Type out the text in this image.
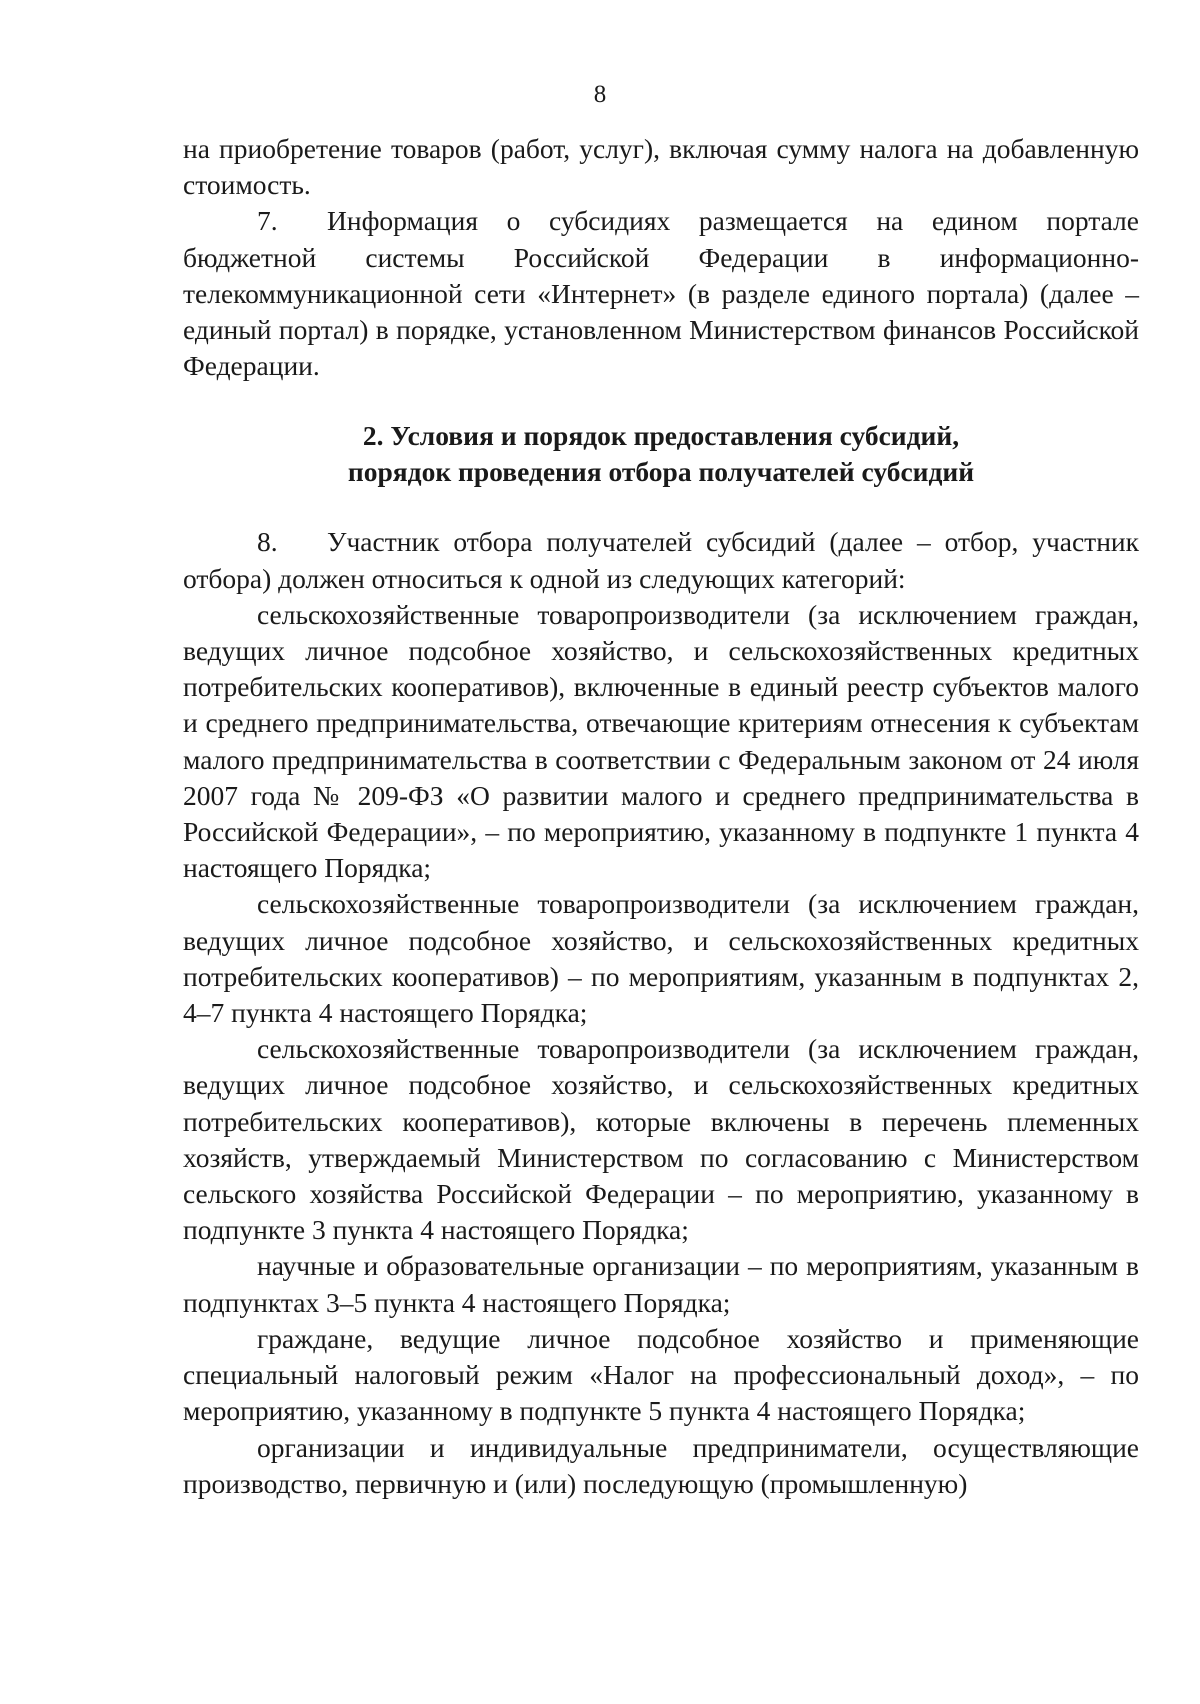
8

на приобретение товаров (работ, услуг), включая сумму налога на добавленную стоимость.

7. Информация о субсидиях размещается на едином портале бюджетной системы Российской Федерации в информационно-телекоммуникационной сети «Интернет» (в разделе единого портала) (далее – единый портал) в порядке, установленном Министерством финансов Российской Федерации.

2. Условия и порядок предоставления субсидий,
порядок проведения отбора получателей субсидий

8. Участник отбора получателей субсидий (далее – отбор, участник отбора) должен относиться к одной из следующих категорий:

сельскохозяйственные товаропроизводители (за исключением граждан, ведущих личное подсобное хозяйство, и сельскохозяйственных кредитных потребительских кооперативов), включенные в единый реестр субъектов малого и среднего предпринимательства, отвечающие критериям отнесения к субъектам малого предпринимательства в соответствии с Федеральным законом от 24 июля 2007 года № 209-ФЗ «О развитии малого и среднего предпринимательства в Российской Федерации», – по мероприятию, указанному в подпункте 1 пункта 4 настоящего Порядка;

сельскохозяйственные товаропроизводители (за исключением граждан, ведущих личное подсобное хозяйство, и сельскохозяйственных кредитных потребительских кооперативов) – по мероприятиям, указанным в подпунктах 2, 4–7 пункта 4 настоящего Порядка;

сельскохозяйственные товаропроизводители (за исключением граждан, ведущих личное подсобное хозяйство, и сельскохозяйственных кредитных потребительских кооперативов), которые включены в перечень племенных хозяйств, утверждаемый Министерством по согласованию с Министерством сельского хозяйства Российской Федерации – по мероприятию, указанному в подпункте 3 пункта 4 настоящего Порядка;

научные и образовательные организации – по мероприятиям, указанным в подпунктах 3–5 пункта 4 настоящего Порядка;

граждане, ведущие личное подсобное хозяйство и применяющие специальный налоговый режим «Налог на профессиональный доход», – по мероприятию, указанному в подпункте 5 пункта 4 настоящего Порядка;

организации и индивидуальные предприниматели, осуществляющие производство, первичную и (или) последующую (промышленную)
